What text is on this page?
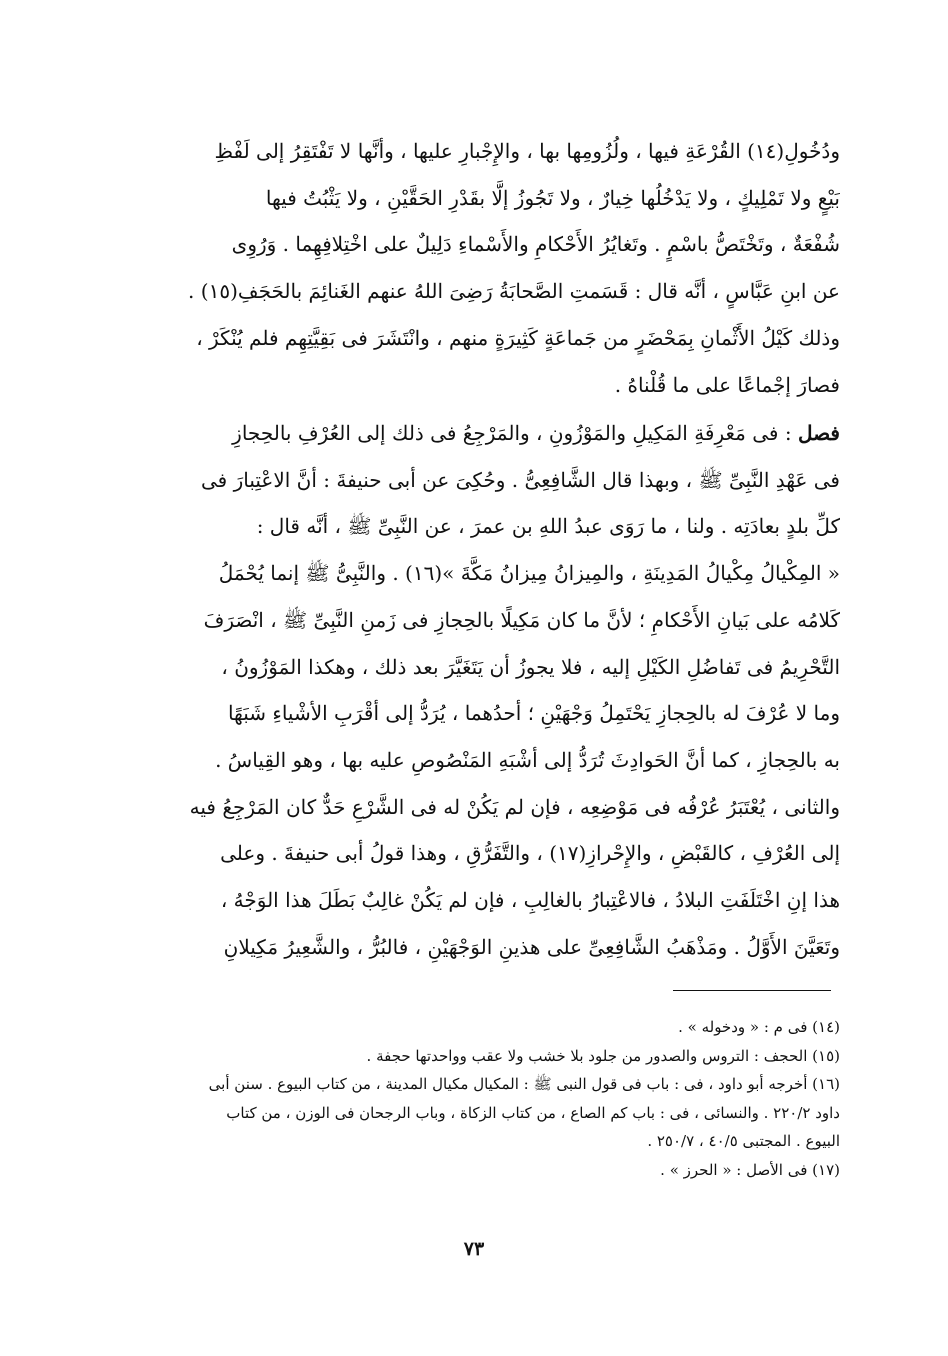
ودُخُولِ(١٤) القُرْعَةِ فيها ، ولُزُومِها بها ، والإِجْبارِ عليها ، وأنَّها لا تَفْتَقِرُ إلى لَفْظِ
بَيْعٍ ولا تَمْلِيكٍ ، ولا يَدْخُلُها خِيارٌ ، ولا تَجُوزُ إلَّا بقَدْرِ الحَقَّيْنِ ، ولا يَثْبُتُ فيها
شُفْعَةٌ ، وتَخْتَصُّ باسْمٍ . وتَغايُرُ الأَحْكامِ والأَسْماءِ دَلِيلٌ على اخْتِلافِهِما . وَرُوِى
عن ابنِ عَبَّاسٍ ، أنَّه قال : قَسَمتِ الصَّحابَةُ رَضِىَ اللهُ عنهم الغَنائِمَ بالحَجَفِ(١٥) .
وذلك كَيْلُ الأَثْمانِ بِمَحْضَرٍ من جَماعَةٍ كَثِيرَةٍ منهم ، وانْتَشَرَ فى بَقِيَّتِهِم فلم يُنْكَرْ ،
فصارَ إجْماعًا على ما قُلْناهُ .
فصل : فى مَعْرِفَةِ المَكِيلِ والمَوْزُونِ ، والمَرْجِعُ فى ذلك إلى العُرْفِ بالحِجازِ
فى عَهْدِ النَّبِىِّ ﷺ ، وبهذا قال الشَّافِعِىُّ . وحُكِىَ عن أبى حنيفةَ : أنَّ الاعْتِبارَ فى
كلِّ بلدٍ بعادَتِه . ولنا ، ما رَوَى عبدُ اللهِ بن عمرَ ، عن النَّبِىِّ ﷺ ، أنَّه قال :
« المِكْيالُ مِكْيالُ المَدِينَةِ ، والمِيزانُ مِيزانُ مَكَّةَ »(١٦) . والنَّبِىُّ ﷺ إنما يُحْمَلُ
كَلامُه على بَيانِ الأَحْكامِ ؛ لأنَّ ما كان مَكِيلًا بالحِجازِ فى زَمنِ النَّبِىِّ ﷺ ، انْصَرَفَ
التَّحْرِيمُ فى تَفاضُلِ الكَيْلِ إليه ، فلا يجوزُ أن يَتَغَيَّرَ بعد ذلك ، وهكذا المَوْزُونُ ،
وما لا عُرْفَ له بالحِجازِ يَحْتَمِلُ وَجْهَيْنِ ؛ أحدُهما ، يُرَدُّ إلى أقْرَبِ الأشْياءِ شَبَهًا
به بالحِجازِ ، كما أنَّ الحَوادِثَ تُرَدُّ إلى أشْبَهِ المَنْصُوصِ عليه بها ، وهو القِياسُ .
والثانى ، يُعْتَبَرُ عُرْفُه فى مَوْضِعِه ، فإن لم يَكُنْ له فى الشَّرْعِ حَدٌّ كان المَرْجِعُ فيه
إلى العُرْفِ ، كالقَبْضِ ، والإِحْرازِ(١٧) ، والتَّفَرُّقِ ، وهذا قولُ أبى حنيفةَ . وعلى
هذا إنِ اخْتَلَفَتِ البلادُ ، فالاعْتِبارُ بالغالِبِ ، فإن لم يَكُنْ غالِبٌ بَطَلَ هذا الوَجْهُ ،
وتَعَيَّنَ الأَوَّلُ . ومَذْهَبُ الشَّافِعِىِّ على هذينِ الوَجْهَيْنِ ، فالبُرُّ ، والشَّعِيرُ مَكِيلانِ
(١٤) فى م : « ودخوله » .
(١٥) الحجف : التروس والصدور من جلود بلا خشب ولا عقب وواحدتها حجفة .
(١٦) أخرجه أبو داود ، فى : باب فى قول النبى ﷺ : المكيال مكيال المدينة ، من كتاب البيوع . سنن أبى
داود ٢٢٠/٢ . والنسائى ، فى : باب كم الصاع ، من كتاب الزكاة ، وباب الرجحان فى الوزن ، من كتاب
البيوع . المجتبى ٤٠/٥ ، ٢٥٠/٧ .
(١٧) فى الأصل : « الحرز » .
٧٣
